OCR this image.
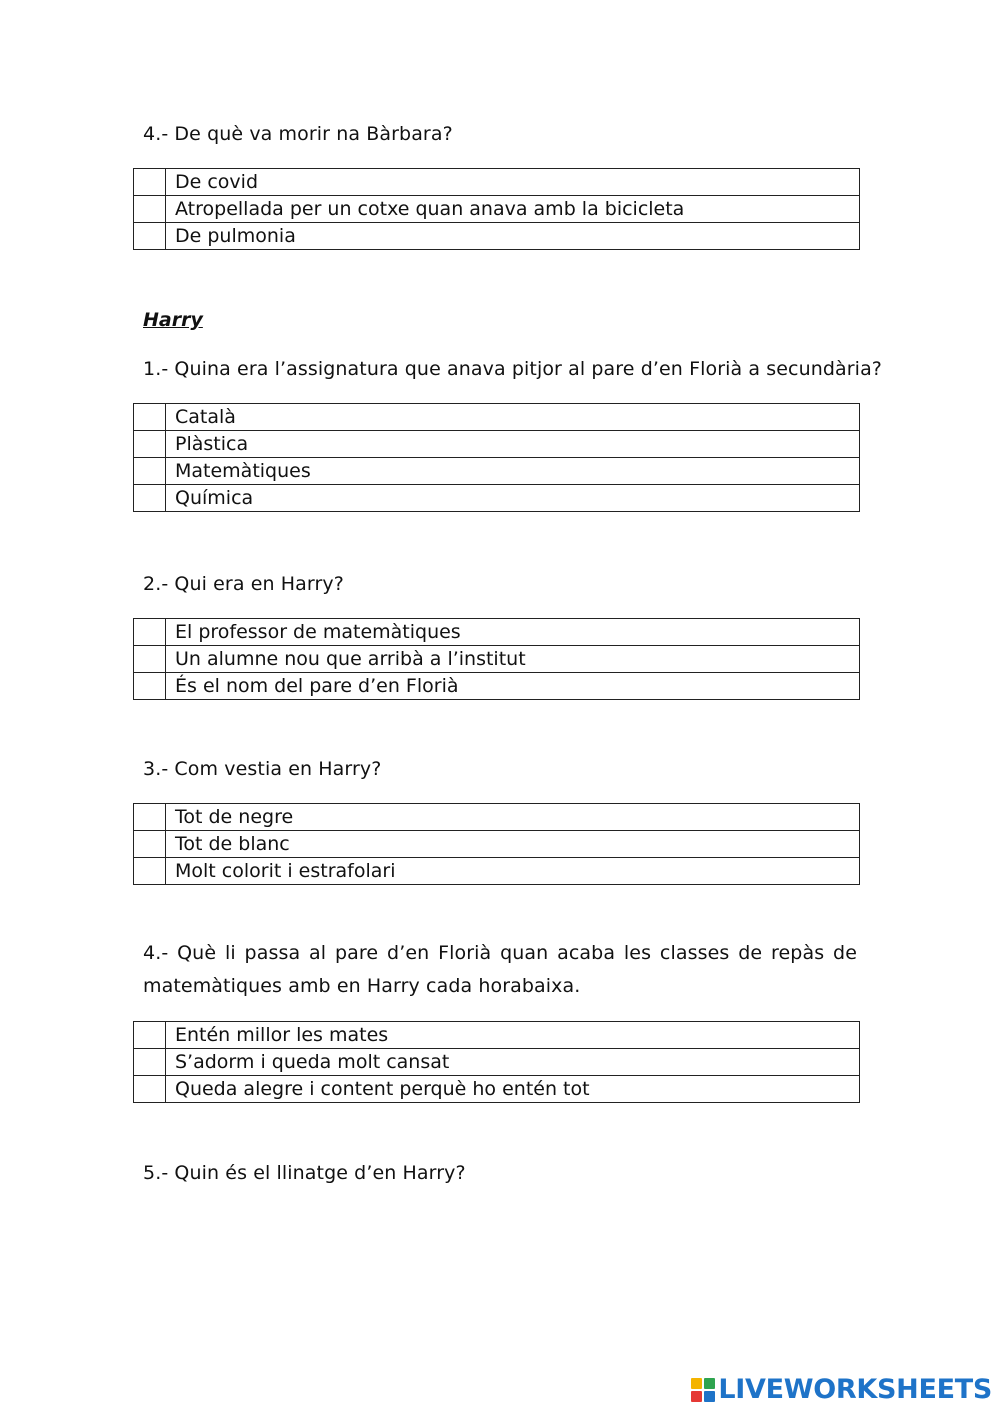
4.- De què va morir na Bàrbara?
	De covid
	Atropellada per un cotxe quan anava amb la bicicleta
	De pulmonia
Harry
1.- Quina era l’assignatura que anava pitjor al pare d’en Florià a secundària?
	Català
	Plàstica
	Matemàtiques
	Química
2.- Qui era en Harry?
	El professor de matemàtiques
	Un alumne nou que arribà a l’institut
	És el nom del pare d’en Florià
3.- Com vestia en Harry?
	Tot de negre
	Tot de blanc
	Molt colorit i estrafolari
4.- Què li passa al pare d’en Florià quan acaba les classes de repàs de matemàtiques amb en Harry cada horabaixa.
	Entén millor les mates
	S’adorm i queda molt cansat
	Queda alegre i content perquè ho entén tot
5.- Quin és el llinatge d’en Harry?
LIVEWORKSHEETS
